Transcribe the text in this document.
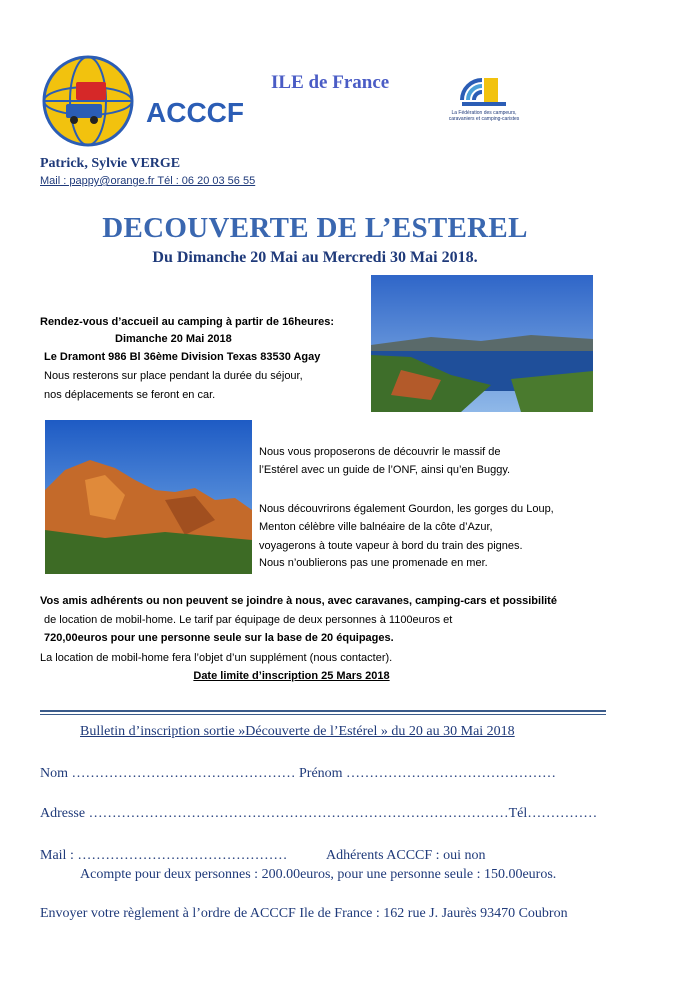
ACCCF
ILE de France
La Fédération des campeurs,
caravaniers et camping-caristes
Patrick, Sylvie VERGE
Mail : pappy@orange.fr Tél : 06 20 03 56 55
DECOUVERTE DE L’ESTEREL
Du Dimanche 20 Mai au Mercredi 30 Mai 2018.
Rendez-vous d’accueil au camping à partir de 16heures:
Dimanche 20 Mai 2018
Le Dramont 986 Bl 36ème Division Texas 83530 Agay
Nous resterons sur place pendant la durée du séjour,
nos déplacements se feront en car.
Nous vous proposerons de découvrir le massif de
l’Estérel avec un guide de l’ONF, ainsi qu’en Buggy.
Nous découvrirons également Gourdon, les gorges du Loup,
Menton célèbre ville balnéaire de la côte d’Azur,
voyagerons à toute vapeur à bord du train des pignes.
Nous n’oublierons pas une promenade en mer.
Vos amis adhérents ou non peuvent se joindre à nous, avec caravanes, camping-cars et possibilité
de location de mobil-home. Le tarif par équipage de deux personnes à 1100euros et
720,00euros pour une personne seule sur la base de 20 équipages.
La location de mobil-home fera l’objet d’un supplément (nous contacter).
Date limite d’inscription 25 Mars 2018
Bulletin d’inscription sortie »Découverte de l’Estérel » du 20 au 30 Mai 2018
Nom ………………………………………… Prénom ………………………………………
Adresse ………………………………………………………………………………Tél……………
Mail : ………………………………………	Adhérents ACCCF : oui non
Acompte pour deux personnes : 200.00euros, pour une personne seule : 150.00euros.
Envoyer votre règlement à l’ordre de ACCCF Ile de France : 162 rue J. Jaurès 93470 Coubron
